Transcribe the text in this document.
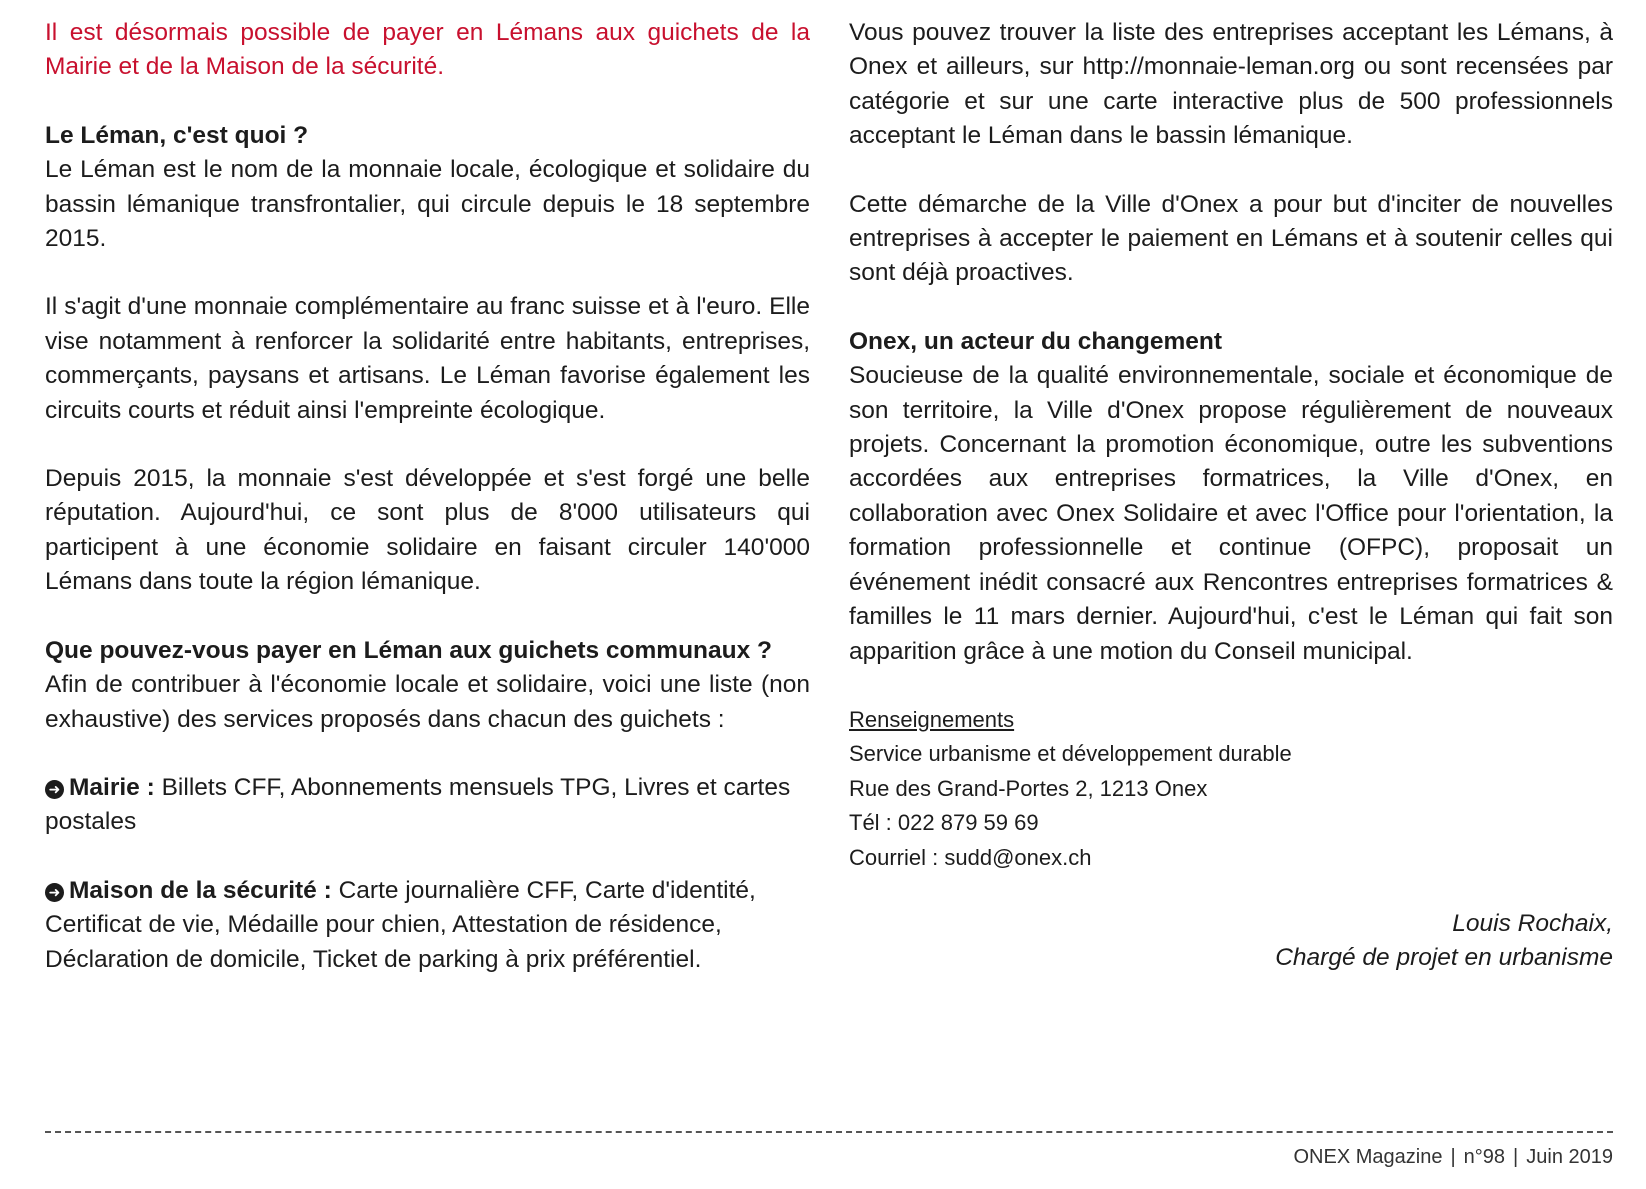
Il est désormais possible de payer en Lémans aux guichets de la Mairie et de la Maison de la sécurité.

Le Léman, c'est quoi ?

Le Léman est le nom de la monnaie locale, écologique et solidaire du bassin lémanique transfrontalier, qui circule depuis le 18 septembre 2015.

Il s'agit d'une monnaie complémentaire au franc suisse et à l'euro. Elle vise notamment à renforcer la solidarité entre habitants, entreprises, commerçants, paysans et artisans. Le Léman favorise également les circuits courts et réduit ainsi l'empreinte écologique.

Depuis 2015, la monnaie s'est développée et s'est forgé une belle réputation. Aujourd'hui, ce sont plus de 8'000 utilisateurs qui participent à une économie solidaire en faisant circuler 140'000 Lémans dans toute la région lémanique.

Que pouvez-vous payer en Léman aux guichets communaux ?

Afin de contribuer à l'économie locale et solidaire, voici une liste (non exhaustive) des services proposés dans chacun des guichets :

➜ Mairie : Billets CFF, Abonnements mensuels TPG, Livres et cartes postales

➜ Maison de la sécurité : Carte journalière CFF, Carte d'identité, Certificat de vie, Médaille pour chien, Attestation de résidence, Déclaration de domicile, Ticket de parking à prix préférentiel.

Vous pouvez trouver la liste des entreprises acceptant les Lémans, à Onex et ailleurs, sur http://monnaie-leman.org ou sont recensées par catégorie et sur une carte interactive plus de 500 professionnels acceptant le Léman dans le bassin lémanique.

Cette démarche de la Ville d'Onex a pour but d'inciter de nouvelles entreprises à accepter le paiement en Lémans et à soutenir celles qui sont déjà proactives.

Onex, un acteur du changement

Soucieuse de la qualité environnementale, sociale et économique de son territoire, la Ville d'Onex propose régulièrement de nouveaux projets. Concernant la promotion économique, outre les subventions accordées aux entreprises formatrices, la Ville d'Onex, en collaboration avec Onex Solidaire et avec l'Office pour l'orientation, la formation professionnelle et continue (OFPC), proposait un événement inédit consacré aux Rencontres entreprises formatrices & familles le 11 mars dernier. Aujourd'hui, c'est le Léman qui fait son apparition grâce à une motion du Conseil municipal.

Renseignements
Service urbanisme et développement durable
Rue des Grand-Portes 2, 1213 Onex
Tél : 022 879 59 69
Courriel : sudd@onex.ch
Louis Rochaix,
Chargé de projet en urbanisme
ONEX Magazine | n°98 | Juin 2019
